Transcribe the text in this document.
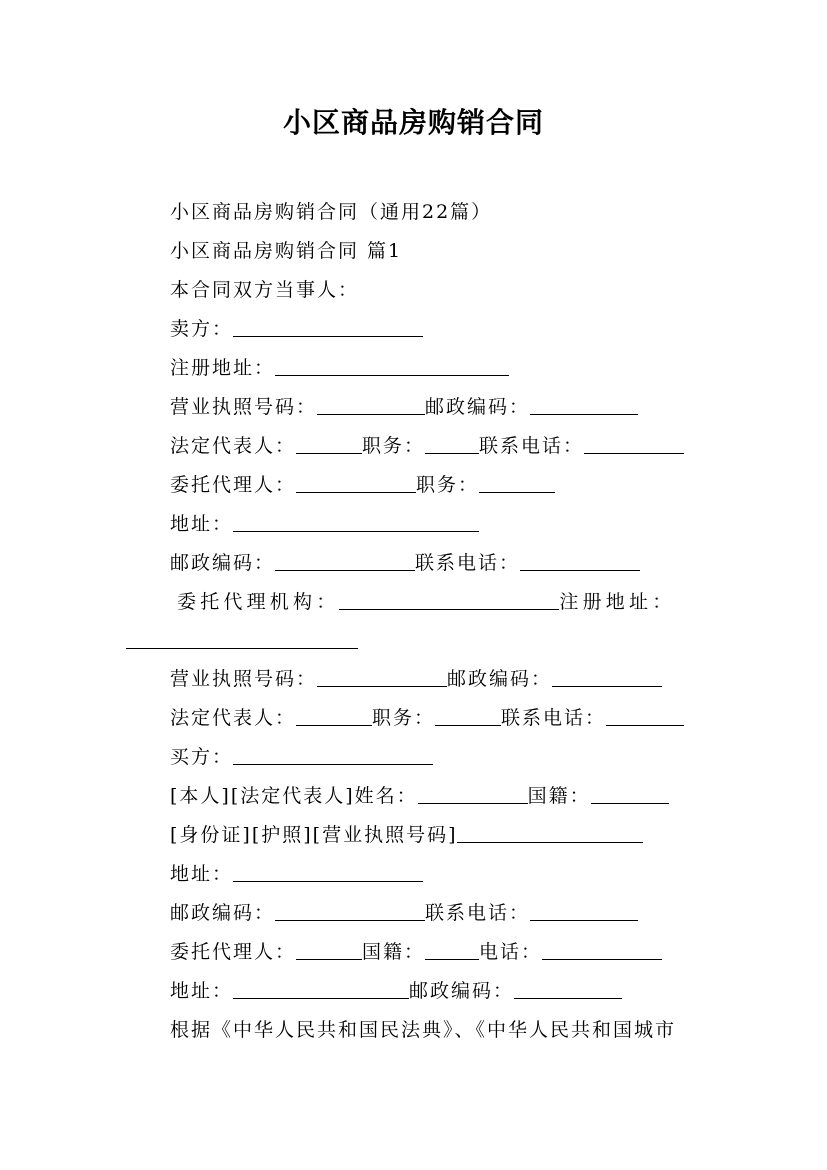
小区商品房购销合同
小区商品房购销合同（通用22篇）
小区商品房购销合同 篇1
本合同双方当事人：
卖方：
注册地址：
营业执照号码：	邮政编码：
法定代表人：	职务：	联系电话：
委托代理人：	职务：
地址：
邮政编码：	联系电话：
委托代理机构：	注册地址：
营业执照号码：	邮政编码：
法定代表人：	职务：	联系电话：
买方：
[本人][法定代表人]姓名：	国籍：
[身份证][护照][营业执照号码]
地址：
邮政编码：	联系电话：
委托代理人：	国籍：	电话：
地址：	邮政编码：
根据《中华人民共和国民法典》、《中华人民共和国城市
